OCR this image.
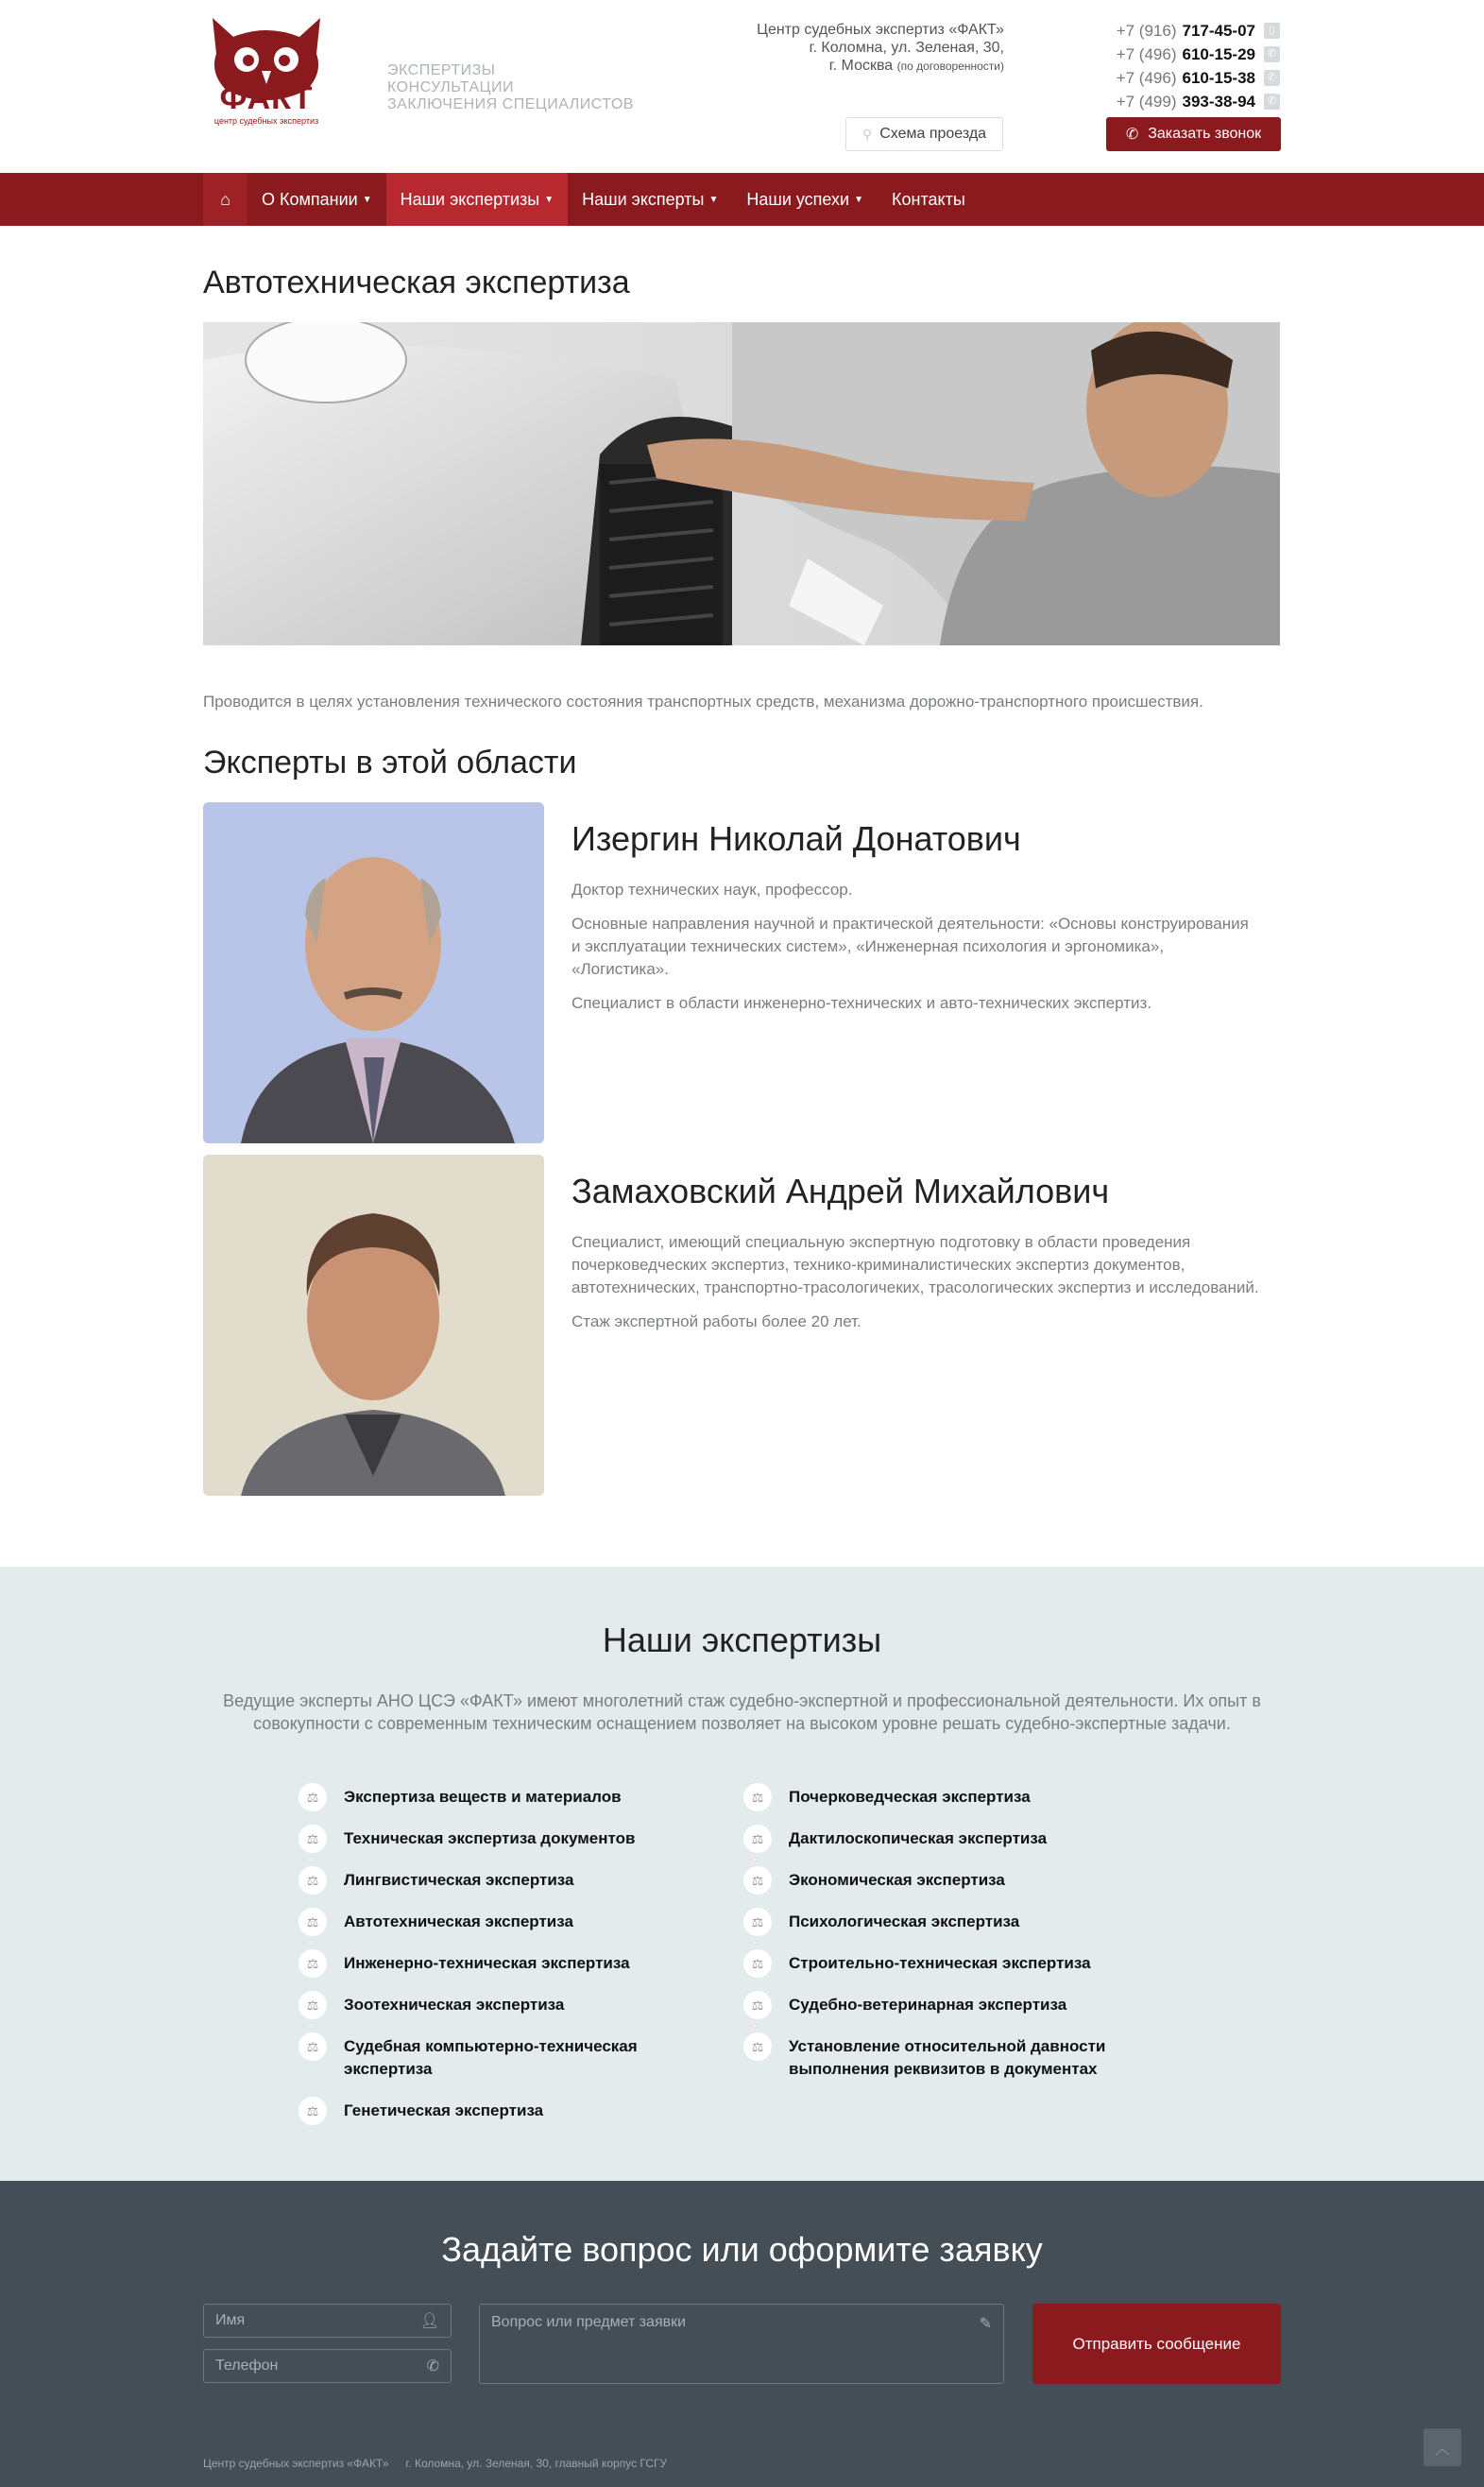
ФАКТ
центр судебных экспертиз
ЭКСПЕРТИЗЫ
КОНСУЛЬТАЦИИ
ЗАКЛЮЧЕНИЯ СПЕЦИАЛИСТОВ
Центр судебных экспертиз «ФАКТ»
г. Коломна, ул. Зеленая, 30,
г. Москва (по договоренности)
+7 (916) 717-45-07	▯
+7 (496) 610-15-29	✆
+7 (496) 610-15-38	✆
+7 (499) 393-38-94	✆
⚲ Схема проезда	✆ Заказать звонок
⌂ О Компании ▼ Наши экспертизы ▼ Наши эксперты ▼ Наши успехи ▼ Контакты
Автотехническая экспертиза
Проводится в целях установления технического состояния транспортных средств, механизма дорожно-транспортного происшествия.
Эксперты в этой области
Изергин Николай Донатович

Доктор технических наук, профессор.

Основные направления научной и практической деятельности: «Основы конструирования и эксплуатации технических систем», «Инженерная психология и эргономика», «Логистика».

Специалист в области инженерно-технических и авто-технических экспертиз.

Замаховский Андрей Михайлович

Специалист, имеющий специальную экспертную подготовку в области проведения почерковедческих экспертиз, технико-криминалистических экспертиз документов, автотехнических, транспортно-трасологичеких, трасологических экспертиз и исследований.

Стаж экспертной работы более 20 лет.

Наши экспертизы
Ведущие эксперты АНО ЦСЭ «ФАКТ» имеют многолетний стаж судебно-экспертной и профессиональной деятельности. Их опыт в совокупности с современным техническим оснащением позволяет на высоком уровне решать судебно-экспертные задачи.
⚖	Экспертиза веществ и материалов
⚖	Техническая экспертиза документов
⚖	Лингвистическая экспертиза
⚖	Автотехническая экспертиза
⚖	Инженерно-техническая экспертиза
⚖	Зоотехническая экспертиза
⚖	Судебная компьютерно-техническая экспертиза
⚖	Генетическая экспертиза
⚖	Почерковедческая экспертиза
⚖	Дактилоскопическая экспертиза
⚖	Экономическая экспертиза
⚖	Психологическая экспертиза
⚖	Строительно-техническая экспертиза
⚖	Судебно-ветеринарная экспертиза
⚖	Установление относительной давности выполнения реквизитов в документах
Задайте вопрос или оформите заявку
Имя	👤︎
Телефон	✆
Вопрос или предмет заявки	✎
Отправить сообщение
Центр судебных экспертиз «ФАКТ» г. Коломна, ул. Зеленая, 30, главный корпус ГСГУ
︿
